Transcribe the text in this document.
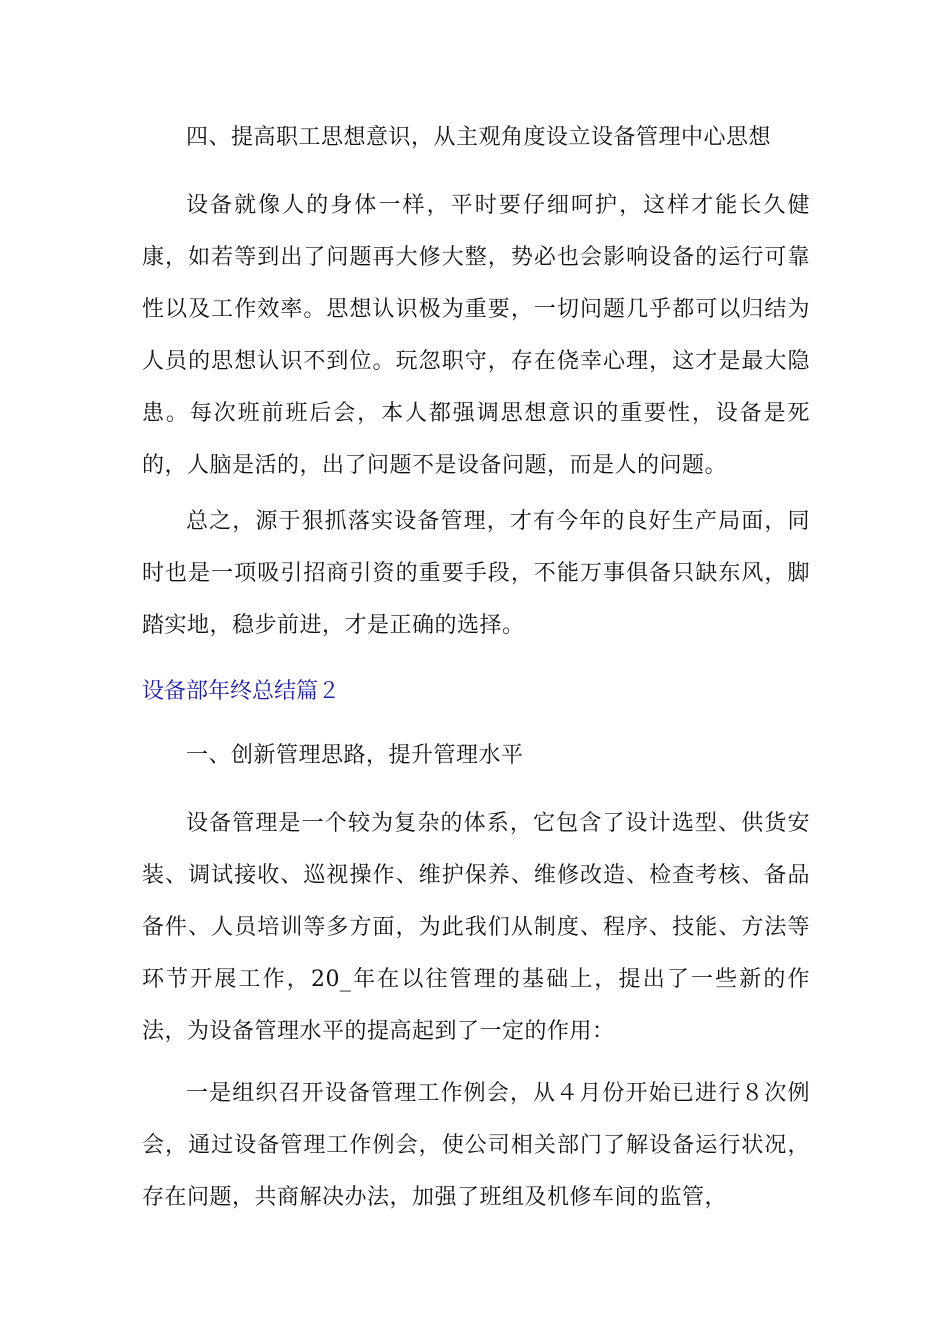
四、提高职工思想意识，从主观角度设立设备管理中心思想

设备就像人的身体一样，平时要仔细呵护，这样才能长久健康，如若等到出了问题再大修大整，势必也会影响设备的运行可靠性以及工作效率。思想认识极为重要，一切问题几乎都可以归结为人员的思想认识不到位。玩忽职守，存在侥幸心理，这才是最大隐患。每次班前班后会，本人都强调思想意识的重要性，设备是死的，人脑是活的，出了问题不是设备问题，而是人的问题。

总之，源于狠抓落实设备管理，才有今年的良好生产局面，同时也是一项吸引招商引资的重要手段，不能万事俱备只缺东风，脚踏实地，稳步前进，才是正确的选择。

设备部年终总结篇２

一、创新管理思路，提升管理水平

设备管理是一个较为复杂的体系，它包含了设计选型、供货安装、调试接收、巡视操作、维护保养、维修改造、检查考核、备品备件、人员培训等多方面，为此我们从制度、程序、技能、方法等环节开展工作，20_年在以往管理的基础上，提出了一些新的作法，为设备管理水平的提高起到了一定的作用：

一是组织召开设备管理工作例会，从４月份开始已进行８次例会，通过设备管理工作例会，使公司相关部门了解设备运行状况，存在问题，共商解决办法，加强了班组及机修车间的监管，
